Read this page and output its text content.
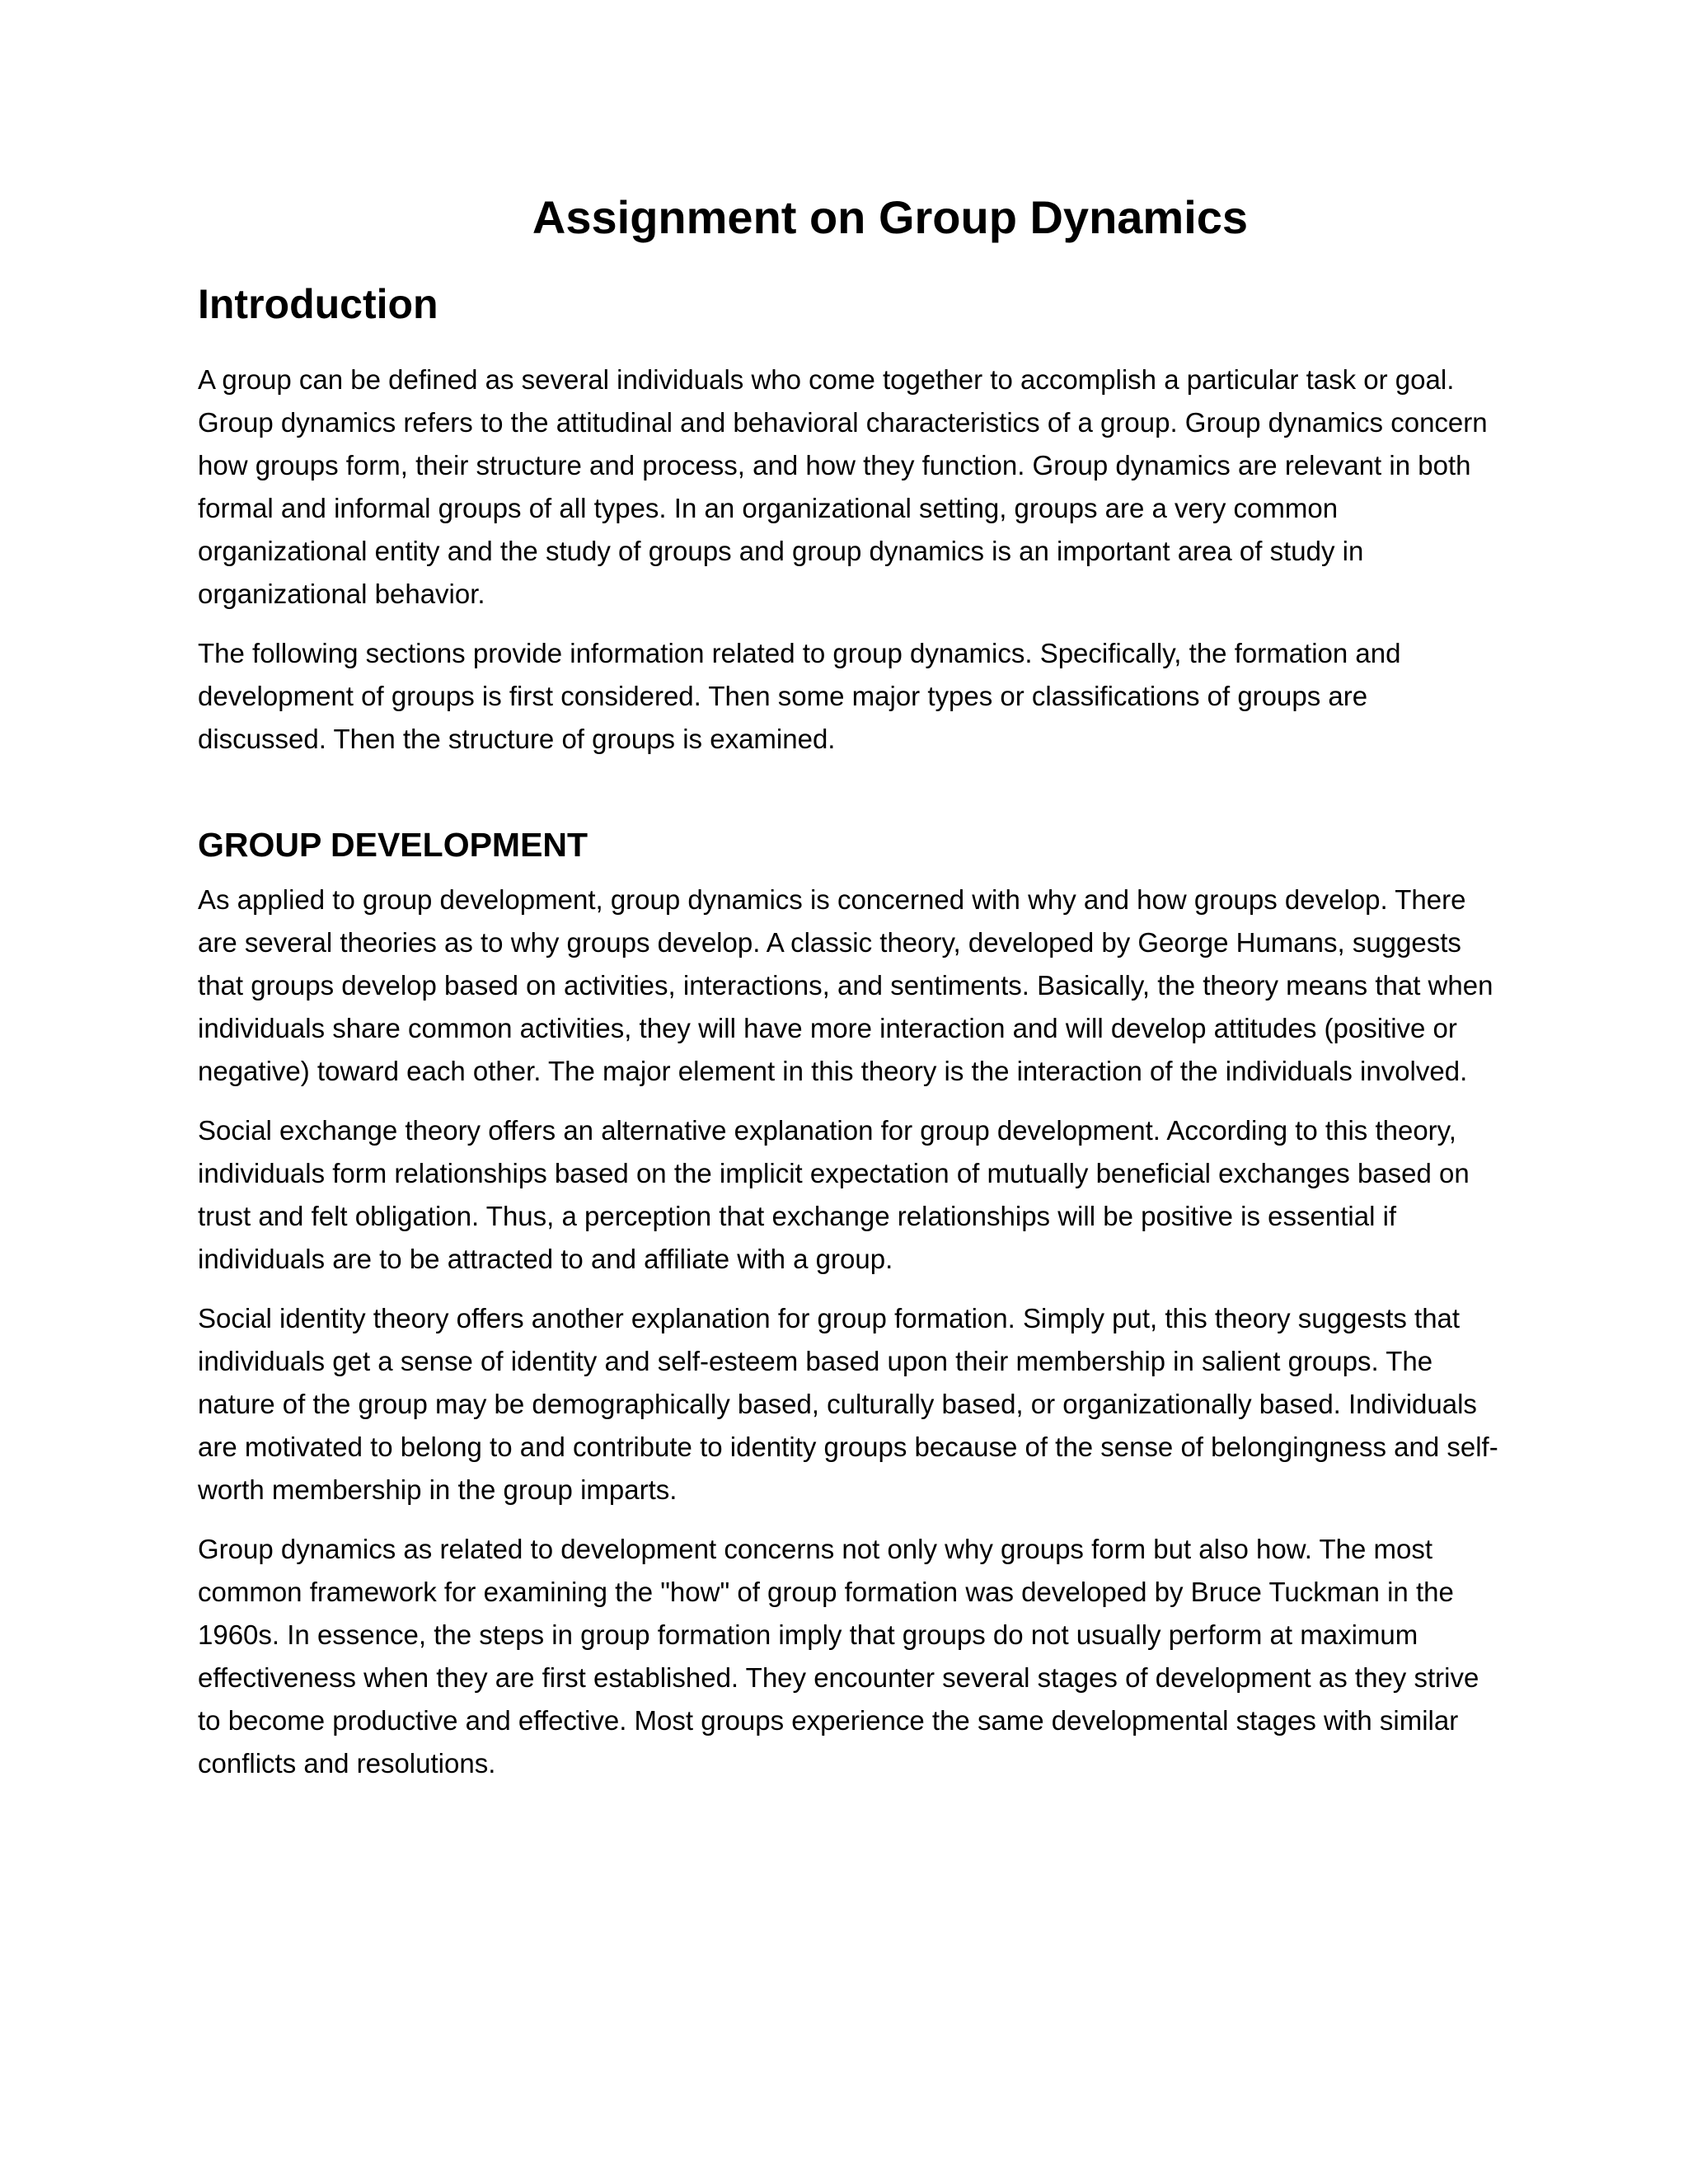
Assignment on Group Dynamics
Introduction

A group can be defined as several individuals who come together to accomplish a particular task or goal. Group dynamics refers to the attitudinal and behavioral characteristics of a group. Group dynamics concern how groups form, their structure and process, and how they function. Group dynamics are relevant in both formal and informal groups of all types. In an organizational setting, groups are a very common organizational entity and the study of groups and group dynamics is an important area of study in organizational behavior.

The following sections provide information related to group dynamics. Specifically, the formation and development of groups is first considered. Then some major types or classifications of groups are discussed. Then the structure of groups is examined.

GROUP DEVELOPMENT

As applied to group development, group dynamics is concerned with why and how groups develop. There are several theories as to why groups develop. A classic theory, developed by George Humans, suggests that groups develop based on activities, interactions, and sentiments. Basically, the theory means that when individuals share common activities, they will have more interaction and will develop attitudes (positive or negative) toward each other. The major element in this theory is the interaction of the individuals involved.

Social exchange theory offers an alternative explanation for group development. According to this theory, individuals form relationships based on the implicit expectation of mutually beneficial exchanges based on trust and felt obligation. Thus, a perception that exchange relationships will be positive is essential if individuals are to be attracted to and affiliate with a group.

Social identity theory offers another explanation for group formation. Simply put, this theory suggests that individuals get a sense of identity and self-esteem based upon their membership in salient groups. The nature of the group may be demographically based, culturally based, or organizationally based. Individuals are motivated to belong to and contribute to identity groups because of the sense of belongingness and self-worth membership in the group imparts.

Group dynamics as related to development concerns not only why groups form but also how. The most common framework for examining the "how" of group formation was developed by Bruce Tuckman in the 1960s. In essence, the steps in group formation imply that groups do not usually perform at maximum effectiveness when they are first established. They encounter several stages of development as they strive to become productive and effective. Most groups experience the same developmental stages with similar conflicts and resolutions.
